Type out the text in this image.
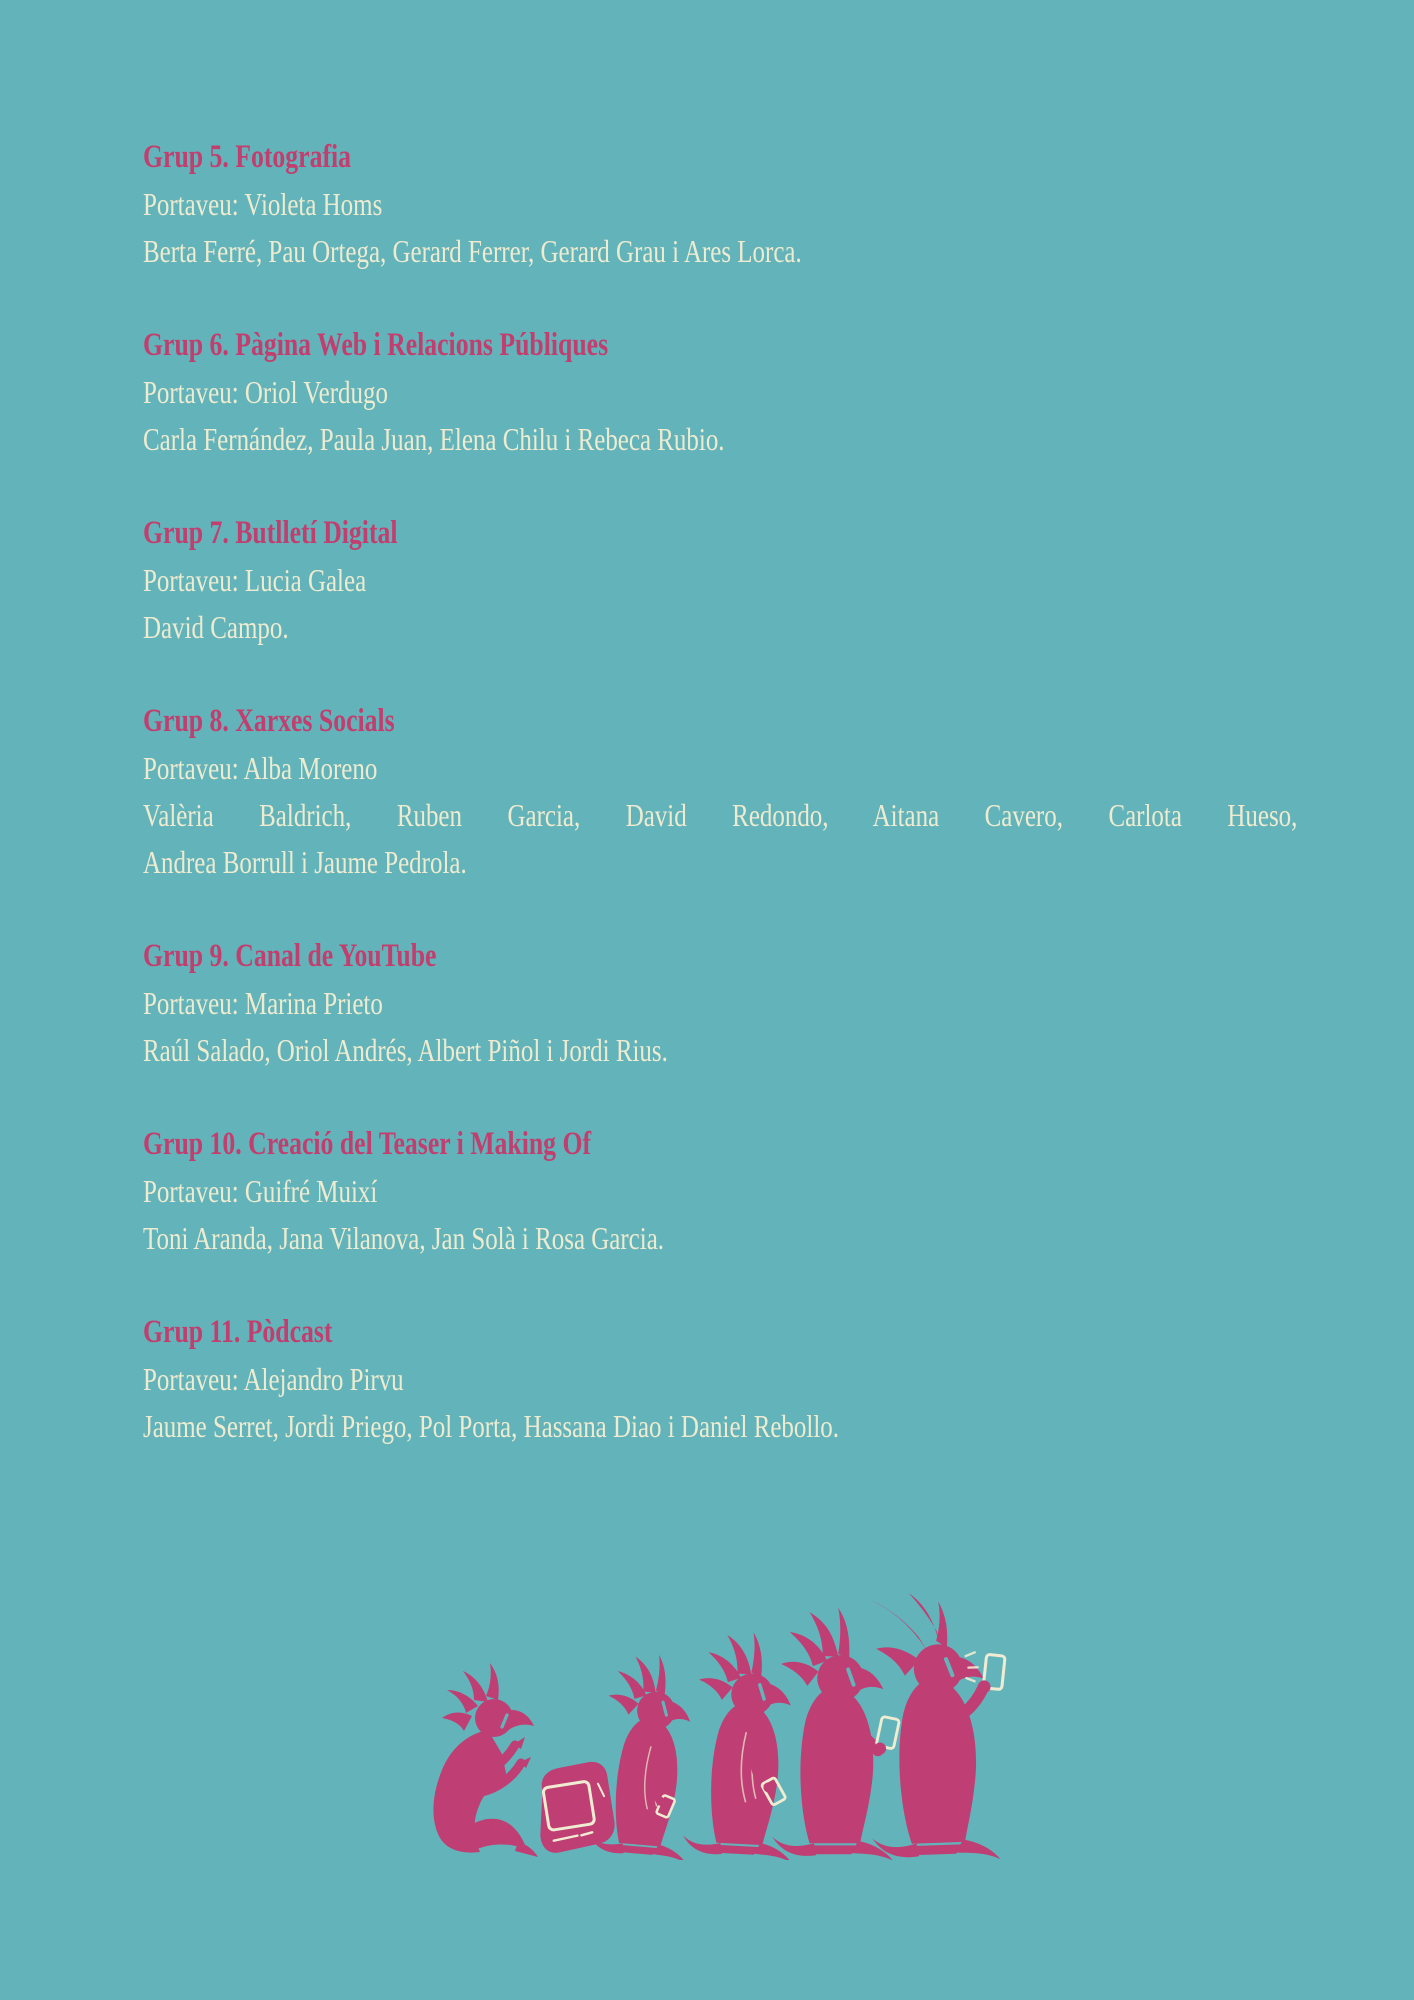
Grup 5. Fotografia

Portaveu: Violeta Homs

Berta Ferré, Pau Ortega, Gerard Ferrer, Gerard Grau i Ares Lorca.

Grup 6. Pàgina Web i Relacions Públiques

Portaveu: Oriol Verdugo

Carla Fernández, Paula Juan, Elena Chilu i Rebeca Rubio.

Grup 7. Butlletí Digital

Portaveu: Lucia Galea

David Campo.

Grup 8. Xarxes Socials

Portaveu: Alba Moreno

Valèria Baldrich, Ruben Garcia, David Redondo, Aitana Cavero, Carlota Hueso,
Andrea Borrull i Jaume Pedrola.

Grup 9. Canal de YouTube

Portaveu: Marina Prieto

Raúl Salado, Oriol Andrés, Albert Piñol i Jordi Rius.

Grup 10. Creació del Teaser i Making Of

Portaveu: Guifré Muixí

Toni Aranda, Jana Vilanova, Jan Solà i Rosa Garcia.

Grup 11. Pòdcast

Portaveu: Alejandro Pirvu

Jaume Serret, Jordi Priego, Pol Porta, Hassana Diao i Daniel Rebollo.
